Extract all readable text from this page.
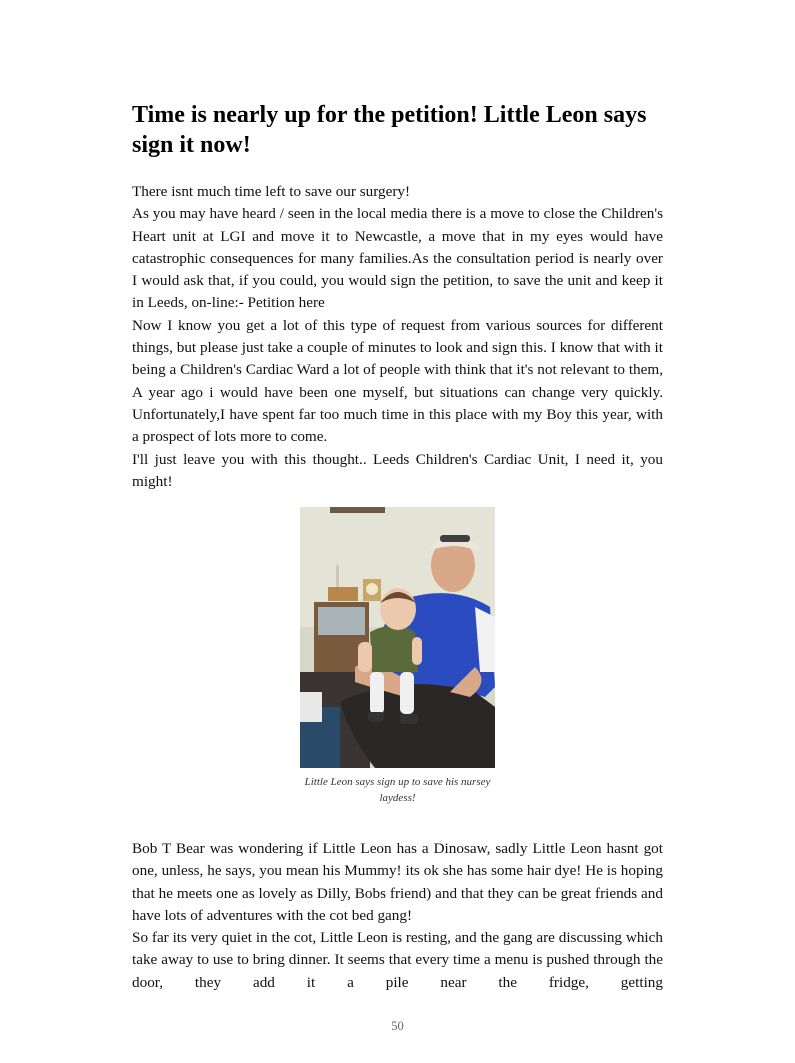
Time is nearly up for the petition! Little Leon says sign it now!

There isnt much time left to save our surgery!

As you may have heard / seen in the local media there is a move to close the Children's Heart unit at LGI and move it to Newcastle, a move that in my eyes would have catastrophic consequences for many families.As the consultation period is nearly over I would ask that, if you could, you would sign the petition, to save the unit and keep it in Leeds, on-line:- Petition here

Now I know you get a lot of this type of request from various sources for different things, but please just take a couple of minutes to look and sign this. I know that with it being a Children's Cardiac Ward a lot of people with think that it's not relevant to them, A year ago i would have been one myself, but situations can change very quickly. Unfortunately,I have spent far too much time in this place with my Boy this year, with a prospect of lots more to come.

I'll just leave you with this thought.. Leeds Children's Cardiac Unit, I need it, you might!

Little Leon says sign up to save his nursey laydess!

Bob T Bear was wondering if Little Leon has a Dinosaw, sadly Little Leon hasnt got one, unless, he says, you mean his Mummy! its ok she has some hair dye! He is hoping that he meets one as lovely as Dilly, Bobs friend) and that they can be great friends and have lots of adventures with the cot bed gang!

So far its very quiet in the cot, Little Leon is resting, and the gang are discussing which take away to use to bring dinner. It seems that every time a menu is pushed through the door, they add it a pile near the fridge, getting

50
